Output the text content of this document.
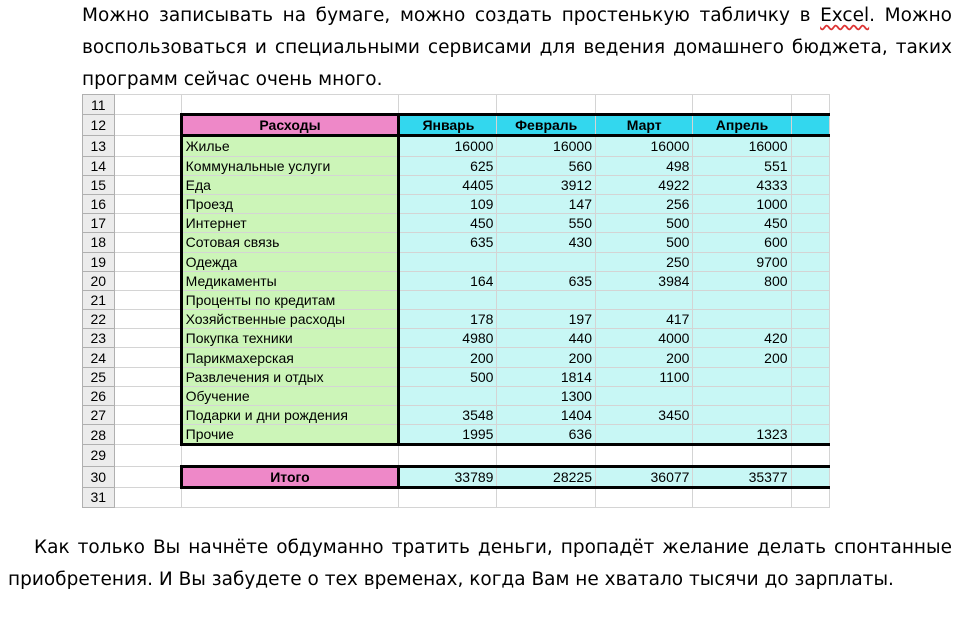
Можно записывать на бумаге, можно создать простенькую табличку в Excel. Можно воспользоваться и специальными сервисами для ведения домашнего бюджета, таких программ сейчас очень много.
11							
12		Расходы	Январь	Февраль	Март	Апрель	
13		Жилье	16000	16000	16000	16000	
14		Коммунальные услуги	625	560	498	551	
15		Еда	4405	3912	4922	4333	
16		Проезд	109	147	256	1000	
17		Интернет	450	550	500	450	
18		Сотовая связь	635	430	500	600	
19		Одежда			250	9700	
20		Медикаменты	164	635	3984	800	
21		Проценты по кредитам					
22		Хозяйственные расходы	178	197	417		
23		Покупка техники	4980	440	4000	420	
24		Парикмахерская	200	200	200	200	
25		Развлечения и отдых	500	1814	1100		
26		Обучение		1300			
27		Подарки и дни рождения	3548	1404	3450		
28		Прочие	1995	636		1323	
29							
30		Итого	33789	28225	36077	35377	
31							
Как только Вы начнёте обдуманно тратить деньги, пропадёт желание делать спонтанные приобретения. И Вы забудете о тех временах, когда Вам не хватало тысячи до зарплаты.
